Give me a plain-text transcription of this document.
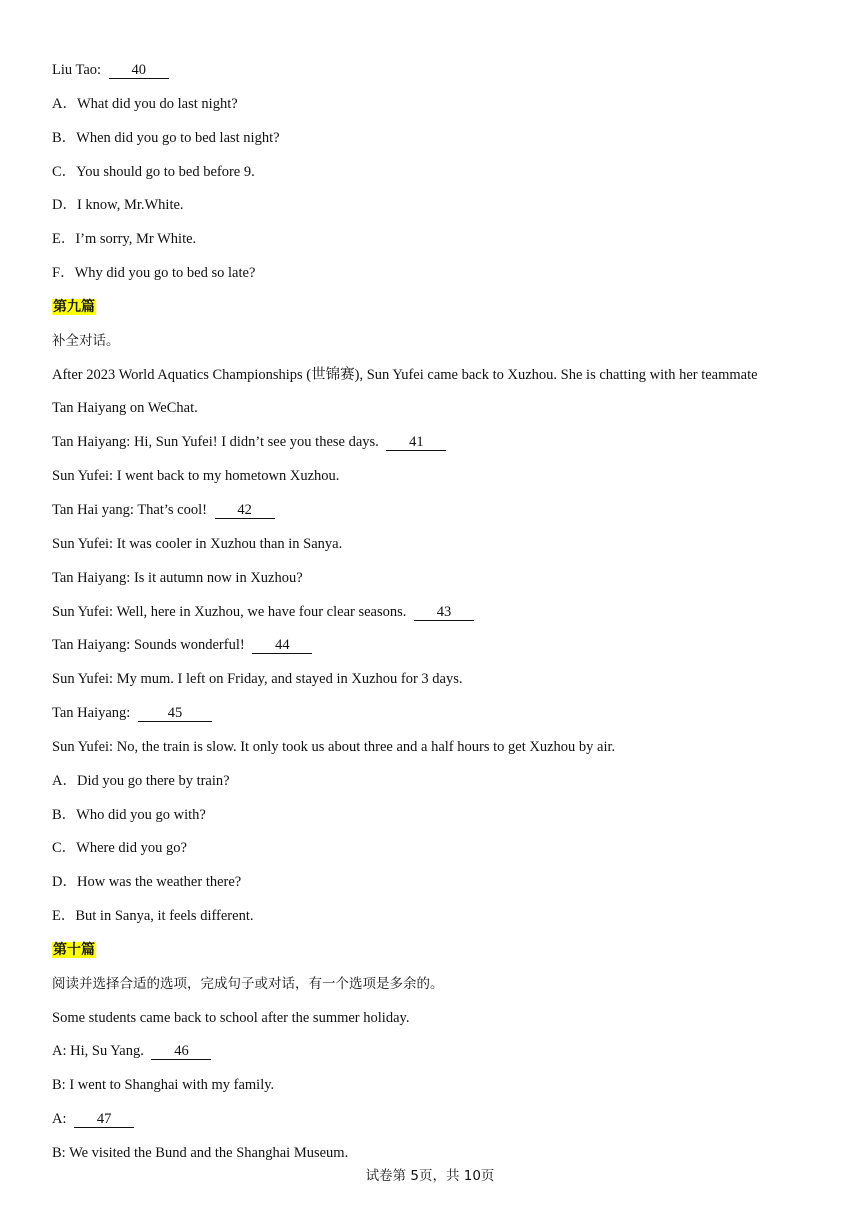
Liu Tao: 40
A．What did you do last night?
B．When did you go to bed last night?
C．You should go to bed before 9.
D．I know, Mr.White.
E．I’m sorry, Mr White.
F．Why did you go to bed so late?
第九篇
补全对话。
After 2023 World Aquatics Championships (世锦赛), Sun Yufei came back to Xuzhou. She is chatting with her teammate
Tan Haiyang on WeChat.
Tan Haiyang: Hi, Sun Yufei! I didn’t see you these days. 41
Sun Yufei: I went back to my hometown Xuzhou.
Tan Hai yang: That’s cool! 42
Sun Yufei: It was cooler in Xuzhou than in Sanya.
Tan Haiyang: Is it autumn now in Xuzhou?
Sun Yufei: Well, here in Xuzhou, we have four clear seasons. 43
Tan Haiyang: Sounds wonderful! 44
Sun Yufei: My mum. I left on Friday, and stayed in Xuzhou for 3 days.
Tan Haiyang:	45
Sun Yufei: No, the train is slow. It only took us about three and a half hours to get Xuzhou by air.
A．Did you go there by train?
B．Who did you go with?
C．Where did you go?
D．How was the weather there?
E．But in Sanya, it feels different.
第十篇
阅读并选择合适的选项，完成句子或对话，有一个选项是多余的。
Some students came back to school after the summer holiday.
A: Hi, Su Yang. 46
B: I went to Shanghai with my family.
A: 47
B: We visited the Bund and the Shanghai Museum.
试卷第 5页，共 10页
